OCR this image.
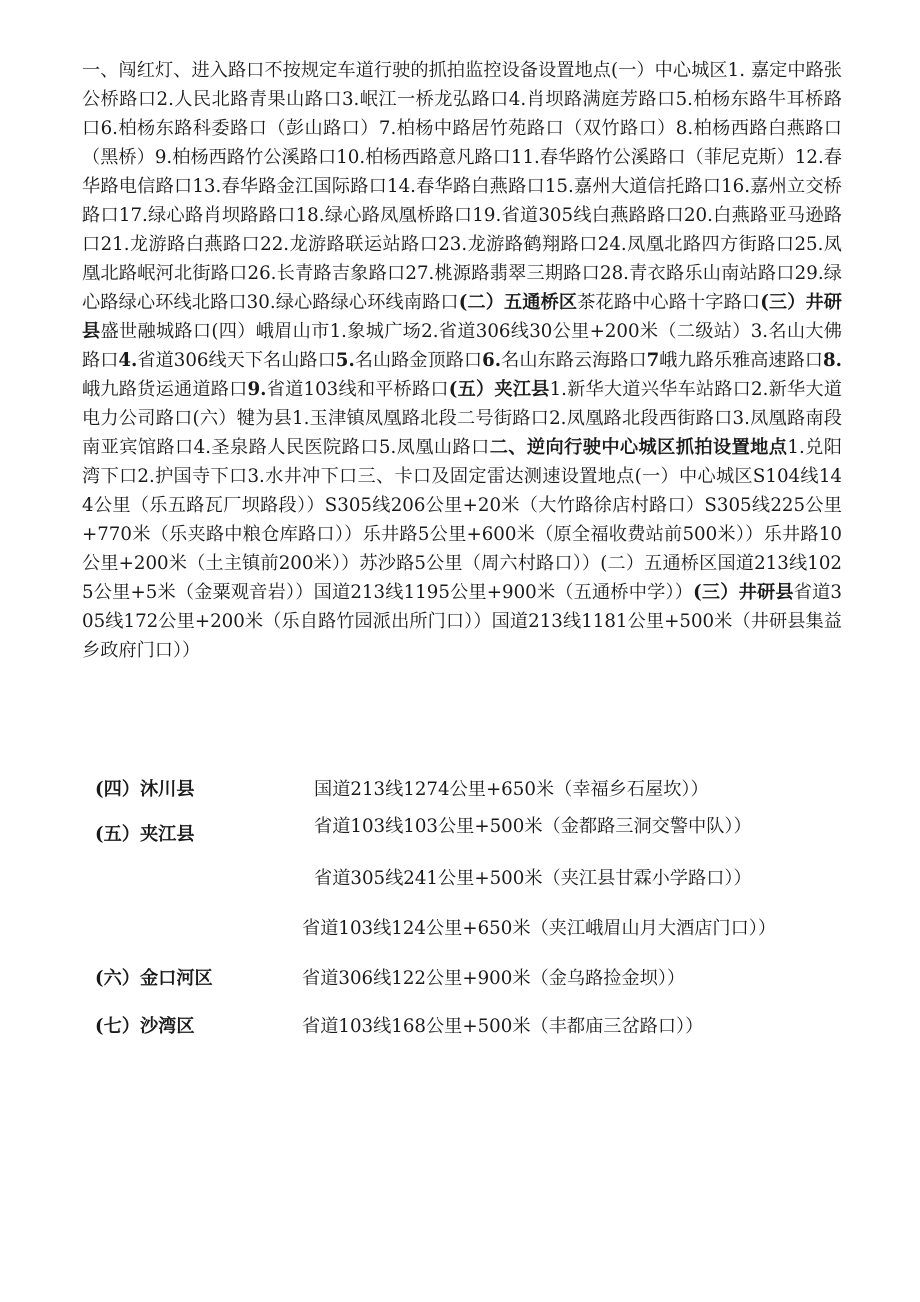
一、闯红灯、进入路口不按规定车道行驶的抓拍监控设备设置地点(一）中心城区1. 嘉定中路张公桥路口2.人民北路青果山路口3.岷江一桥龙弘路口4.肖坝路满庭芳路口5.柏杨东路牛耳桥路口6.柏杨东路科委路口（彭山路口）7.柏杨中路居竹苑路口（双竹路口）8.柏杨西路白燕路口（黑桥）9.柏杨西路竹公溪路口10.柏杨西路意凡路口11.春华路竹公溪路口（菲尼克斯）12.春华路电信路口13.春华路金江国际路口14.春华路白燕路口15.嘉州大道信托路口16.嘉州立交桥路口17.绿心路肖坝路路口18.绿心路凤凰桥路口19.省道305线白燕路路口20.白燕路亚马逊路口21.龙游路白燕路口22.龙游路联运站路口23.龙游路鹤翔路口24.凤凰北路四方街路口25.凤凰北路岷河北街路口26.长青路吉象路口27.桃源路翡翠三期路口28.青衣路乐山南站路口29.绿心路绿心环线北路口30.绿心路绿心环线南路口(二）五通桥区茶花路中心路十字路口(三）井研县盛世融城路口(四）峨眉山市1.象城广场2.省道306线30公里+200米（二级站）3.名山大佛路口4.省道306线天下名山路口5.名山路金顶路口6.名山东路云海路口7峨九路乐雅高速路口8.峨九路货运通道路口9.省道103线和平桥路口(五）夹江县1.新华大道兴华车站路口2.新华大道电力公司路口(六）犍为县1.玉津镇凤凰路北段二号街路口2.凤凰路北段西街路口3.凤凰路南段南亚宾馆路口4.圣泉路人民医院路口5.凤凰山路口二、逆向行驶中心城区抓拍设置地点1.兑阳湾下口2.护国寺下口3.水井冲下口三、卡口及固定雷达测速设置地点(一）中心城区S104线144公里（乐五路瓦厂坝路段））S305线206公里+20米（大竹路徐店村路口）S305线225公里+770米（乐夹路中粮仓库路口））乐井路5公里+600米（原全福收费站前500米））乐井路10公里+200米（土主镇前200米））苏沙路5公里（周六村路口））(二）五通桥区国道213线1025公里+5米（金粟观音岩））国道213线1195公里+900米（五通桥中学））(三）井研县省道305线172公里+200米（乐自路竹园派出所门口））国道213线1181公里+500米（井研县集益乡政府门口））
(四）沐川县	国道213线1274公里+650米（幸福乡石屋坎））
(五）夹江县	省道103线103公里+500米（金都路三洞交警中队））
省道305线241公里+500米（夹江县甘霖小学路口））
省道103线124公里+650米（夹江峨眉山月大酒店门口））
(六）金口河区	省道306线122公里+900米（金乌路捡金坝））
(七）沙湾区	省道103线168公里+500米（丰都庙三岔路口））
